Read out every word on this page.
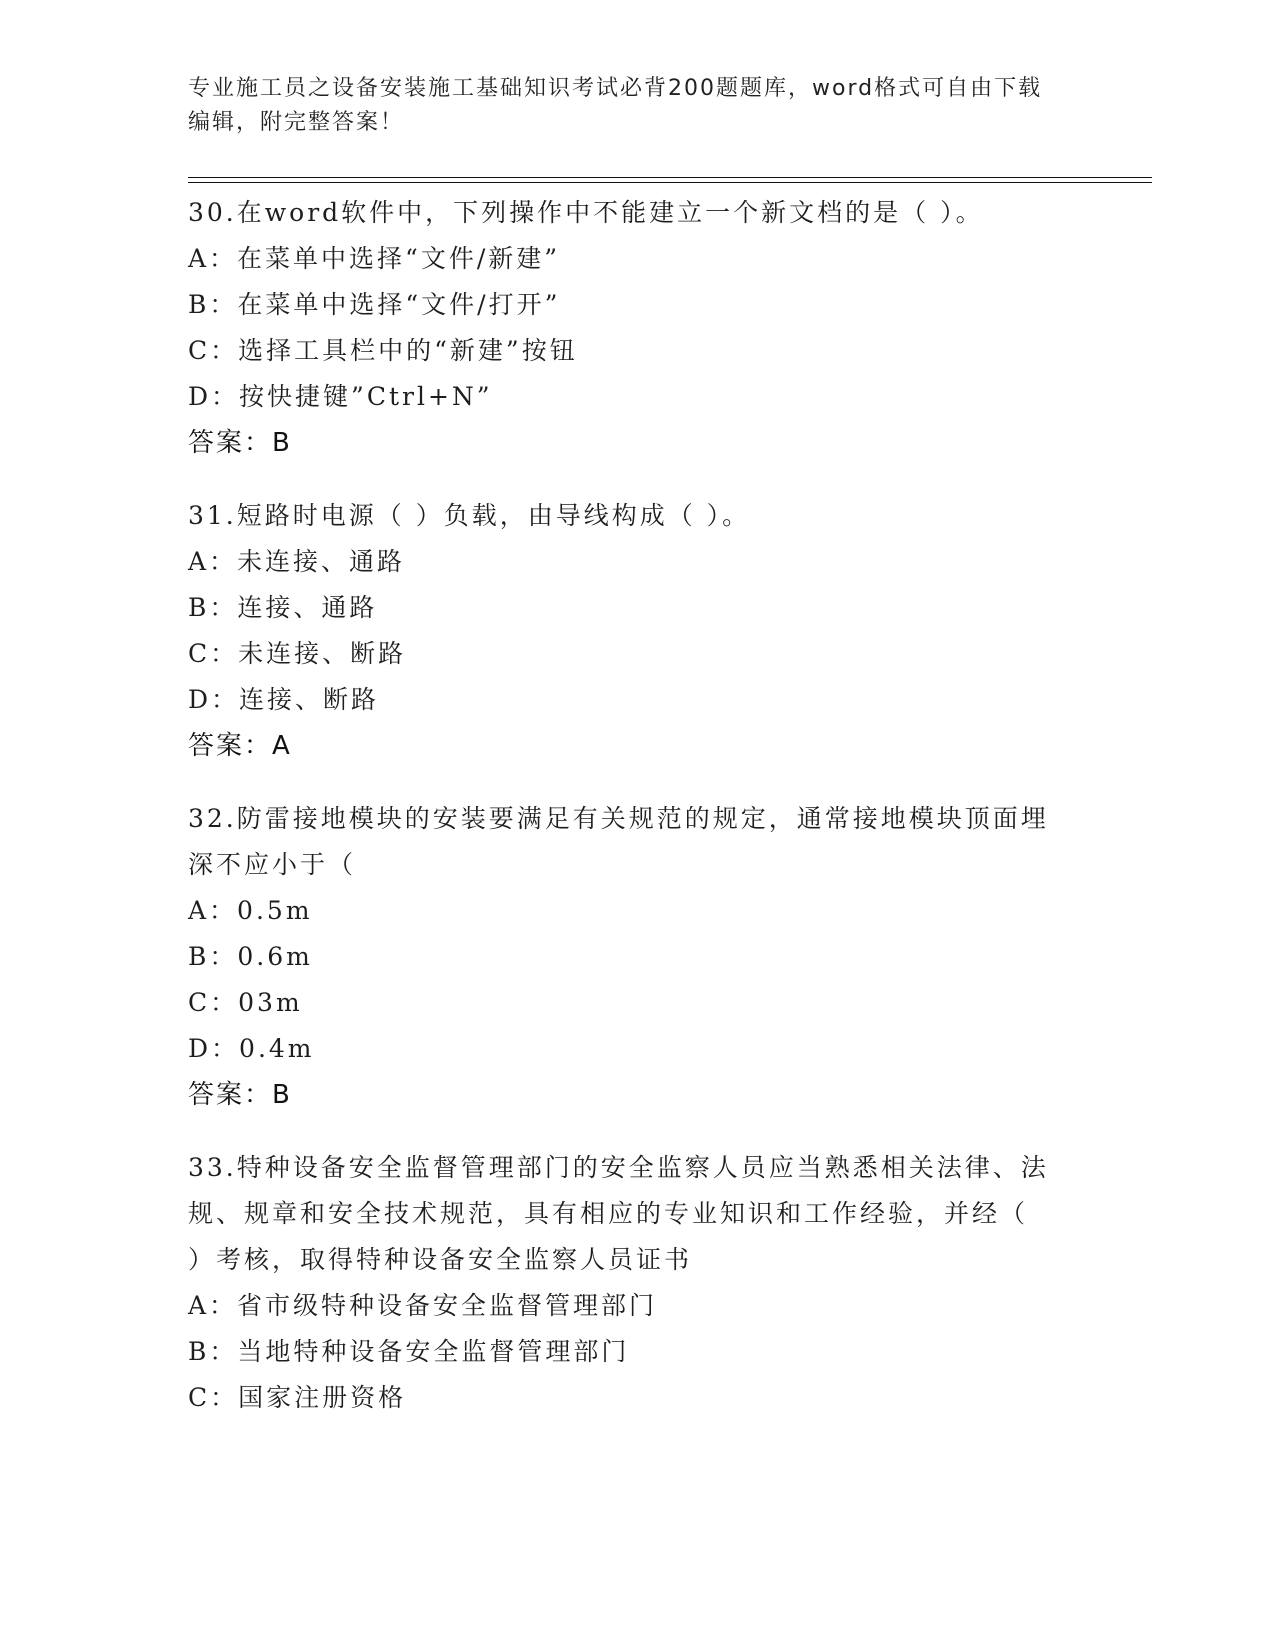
专业施工员之设备安装施工基础知识考试必背200题题库，word格式可自由下载
编辑，附完整答案！
30.在word软件中，下列操作中不能建立一个新文档的是（ ）。
A：在菜单中选择“文件/新建”
B：在菜单中选择“文件/打开”
C：选择工具栏中的“新建”按钮
D：按快捷键”Ctrl+N”
答案：B
31.短路时电源（ ）负载，由导线构成（ ）。
A：未连接、通路
B：连接、通路
C：未连接、断路
D：连接、断路
答案：A
32.防雷接地模块的安装要满足有关规范的规定，通常接地模块顶面埋
深不应小于（
A：0.5m
B：0.6m
C：03m
D：0.4m
答案：B
33.特种设备安全监督管理部门的安全监察人员应当熟悉相关法律、法
规、规章和安全技术规范，具有相应的专业知识和工作经验，并经（
）考核，取得特种设备安全监察人员证书
A：省市级特种设备安全监督管理部门
B：当地特种设备安全监督管理部门
C：国家注册资格
